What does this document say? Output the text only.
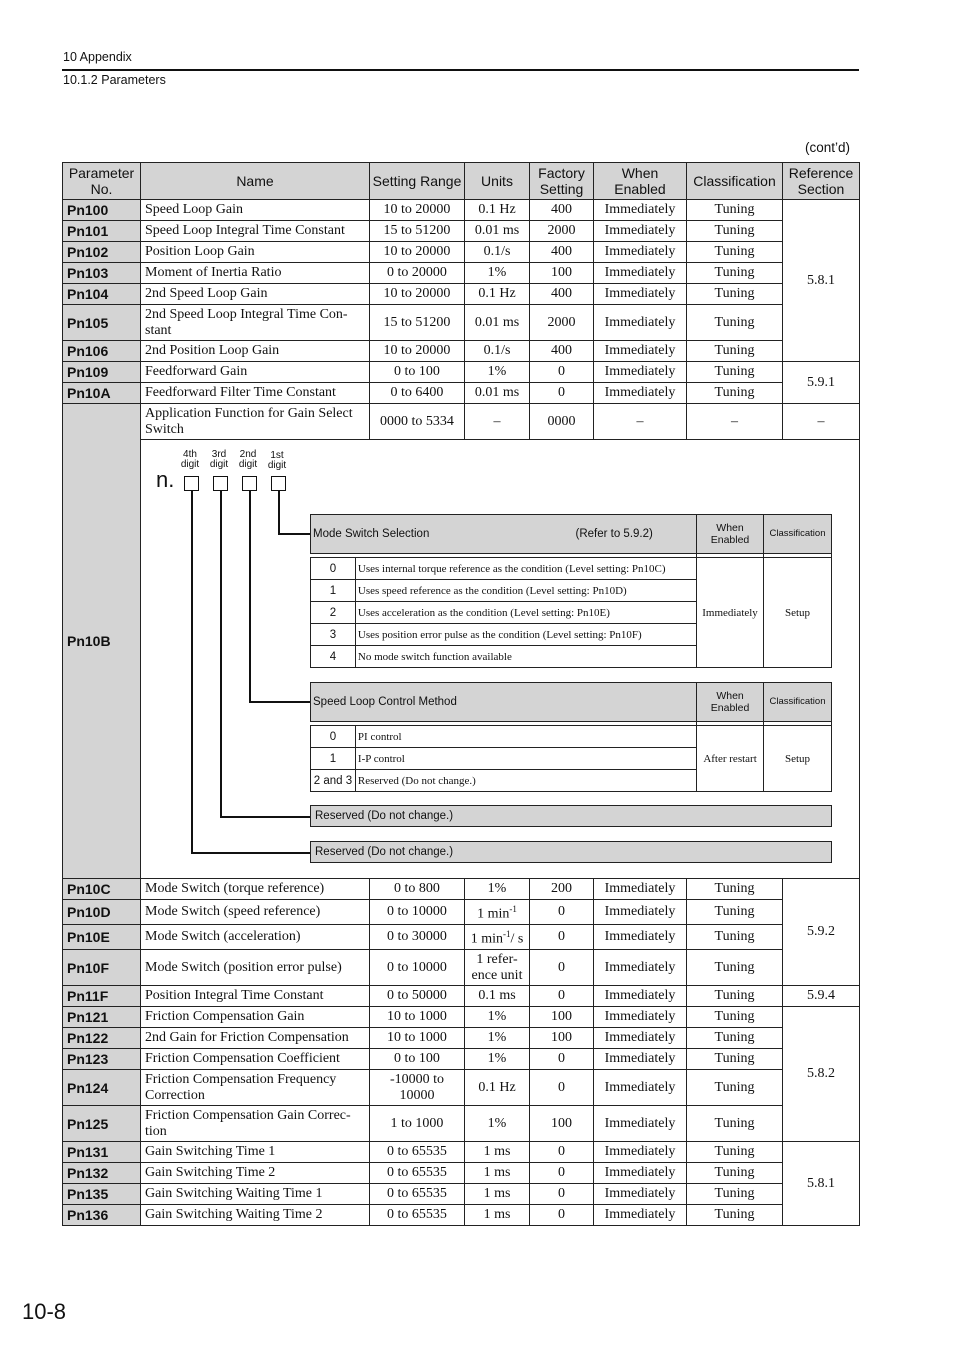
10 Appendix
10.1.2 Parameters
(cont’d)
Parameter No.	Name	Setting Range	Units	Factory Setting	When Enabled	Classification	Reference Section
Pn100	Speed Loop Gain	10 to 20000	0.1 Hz	400	Immediately	Tuning	5.8.1
Pn101	Speed Loop Integral Time Constant	15 to 51200	0.01 ms	2000	Immediately	Tuning
Pn102	Position Loop Gain	10 to 20000	0.1/s	400	Immediately	Tuning
Pn103	Moment of Inertia Ratio	0 to 20000	1%	100	Immediately	Tuning
Pn104	2nd Speed Loop Gain	10 to 20000	0.1 Hz	400	Immediately	Tuning
Pn105	2nd Speed Loop Integral Time Con-stant	15 to 51200	0.01 ms	2000	Immediately	Tuning
Pn106	2nd Position Loop Gain	10 to 20000	0.1/s	400	Immediately	Tuning
Pn109	Feedforward Gain	0 to 100	1%	0	Immediately	Tuning	5.9.1
Pn10A	Feedforward Filter Time Constant	0 to 6400	0.01 ms	0	Immediately	Tuning
Pn10B	Application Function for Gain Select Switch	0000 to 5334	–	0000	–	–	–

n.
4th digit
3rd digit
2nd digit
1st digit
Mode Switch Selection	(Refer to 5.9.2)	When Enabled	Classification

0	Uses internal torque reference as the condition (Level setting: Pn10C)	Immediately	Setup
1	Uses speed reference as the condition (Level setting: Pn10D)
2	Uses acceleration as the condition (Level setting: Pn10E)
3	Uses position error pulse as the condition (Level setting: Pn10F)
4	No mode switch function available
Speed Loop Control Method	When Enabled	Classification

0	PI control	After restart	Setup
1	I-P control
2 and 3	Reserved (Do not change.)
Reserved (Do not change.)
Reserved (Do not change.)

Pn10C	Mode Switch (torque reference)	0 to 800	1%	200	Immediately	Tuning	5.9.2
Pn10D	Mode Switch (speed reference)	0 to 10000	1 $\min^{-1}$	0	Immediately	Tuning
Pn10E	Mode Switch (acceleration)	0 to 30000	1 $\min^{-1}/$ s	0	Immediately	Tuning
Pn10F	Mode Switch (position error pulse)	0 to 10000	1 refer-ence unit	0	Immediately	Tuning
Pn11F	Position Integral Time Constant	0 to 50000	0.1 ms	0	Immediately	Tuning	5.9.4
Pn121	Friction Compensation Gain	10 to 1000	1%	100	Immediately	Tuning	5.8.2
Pn122	2nd Gain for Friction Compensation	10 to 1000	1%	100	Immediately	Tuning
Pn123	Friction Compensation Coefficient	0 to 100	1%	0	Immediately	Tuning
Pn124	Friction Compensation Frequency Correction	-10000 to 10000	0.1 Hz	0	Immediately	Tuning
Pn125	Friction Compensation Gain Correc-tion	1 to 1000	1%	100	Immediately	Tuning
Pn131	Gain Switching Time 1	0 to 65535	1 ms	0	Immediately	Tuning	5.8.1
Pn132	Gain Switching Time 2	0 to 65535	1 ms	0	Immediately	Tuning
Pn135	Gain Switching Waiting Time 1	0 to 65535	1 ms	0	Immediately	Tuning
Pn136	Gain Switching Waiting Time 2	0 to 65535	1 ms	0	Immediately	Tuning
10-8
